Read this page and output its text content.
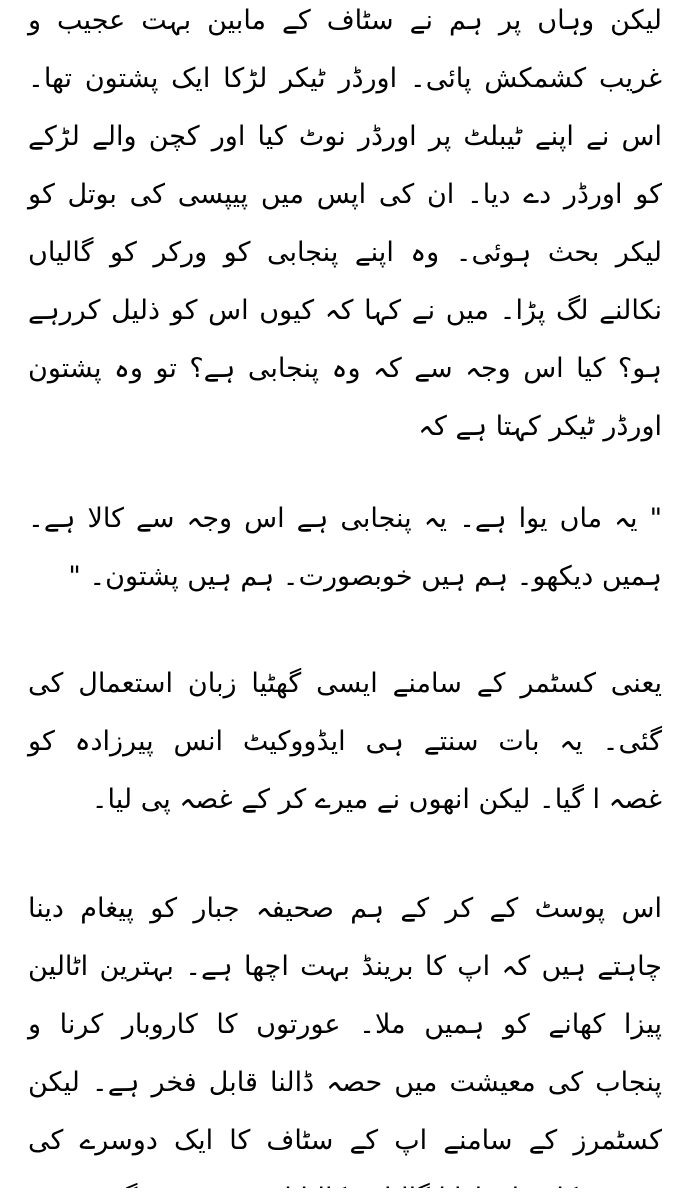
لیکن وہاں پر ہم نے سٹاف کے مابین بہت عجیب و
غریب کشمکش پائی۔ اورڈر ٹیکر لڑکا ایک پشتون تھا۔
اس نے اپنے ٹیبلٹ پر اورڈر نوٹ کیا اور کچن والے لڑکے
کو اورڈر دے دیا۔ ان کی اپس میں پیپسی کی بوتل کو
لیکر بحث ہوئی۔ وہ اپنے پنجابی کو ورکر کو گالیاں
نکالنے لگ پڑا۔ میں نے کہا کہ کیوں اس کو ذلیل کررہے
ہو؟ کیا اس وجہ سے کہ وہ پنجابی ہے؟ تو وہ پشتون
اورڈر ٹیکر کہتا ہے کہ
" یہ ماں یوا ہے۔ یہ پنجابی ہے اس وجہ سے کالا ہے۔
ہمیں دیکھو۔ ہم ہیں خوبصورت۔ ہم ہیں پشتون۔ "
یعنی کسٹمر کے سامنے ایسی گھٹیا زبان استعمال کی
گئی۔ یہ بات سنتے ہی ایڈووکیٹ انس پیرزادہ کو
غصہ ا گیا۔ لیکن انھوں نے میرے کر کے غصہ پی لیا۔
اس پوسٹ کے کر کے ہم صحیفہ جبار کو پیغام دینا
چاہتے ہیں کہ اپ کا برینڈ بہت اچھا ہے۔ بہترین اٹالین
پیزا کھانے کو ہمیں ملا۔ عورتوں کا کاروبار کرنا و
پنجاب کی معیشت میں حصہ ڈالنا قابل فخر ہے۔ لیکن
کسٹمرز کے سامنے اپ کے سٹاف کا ایک دوسرے کی
